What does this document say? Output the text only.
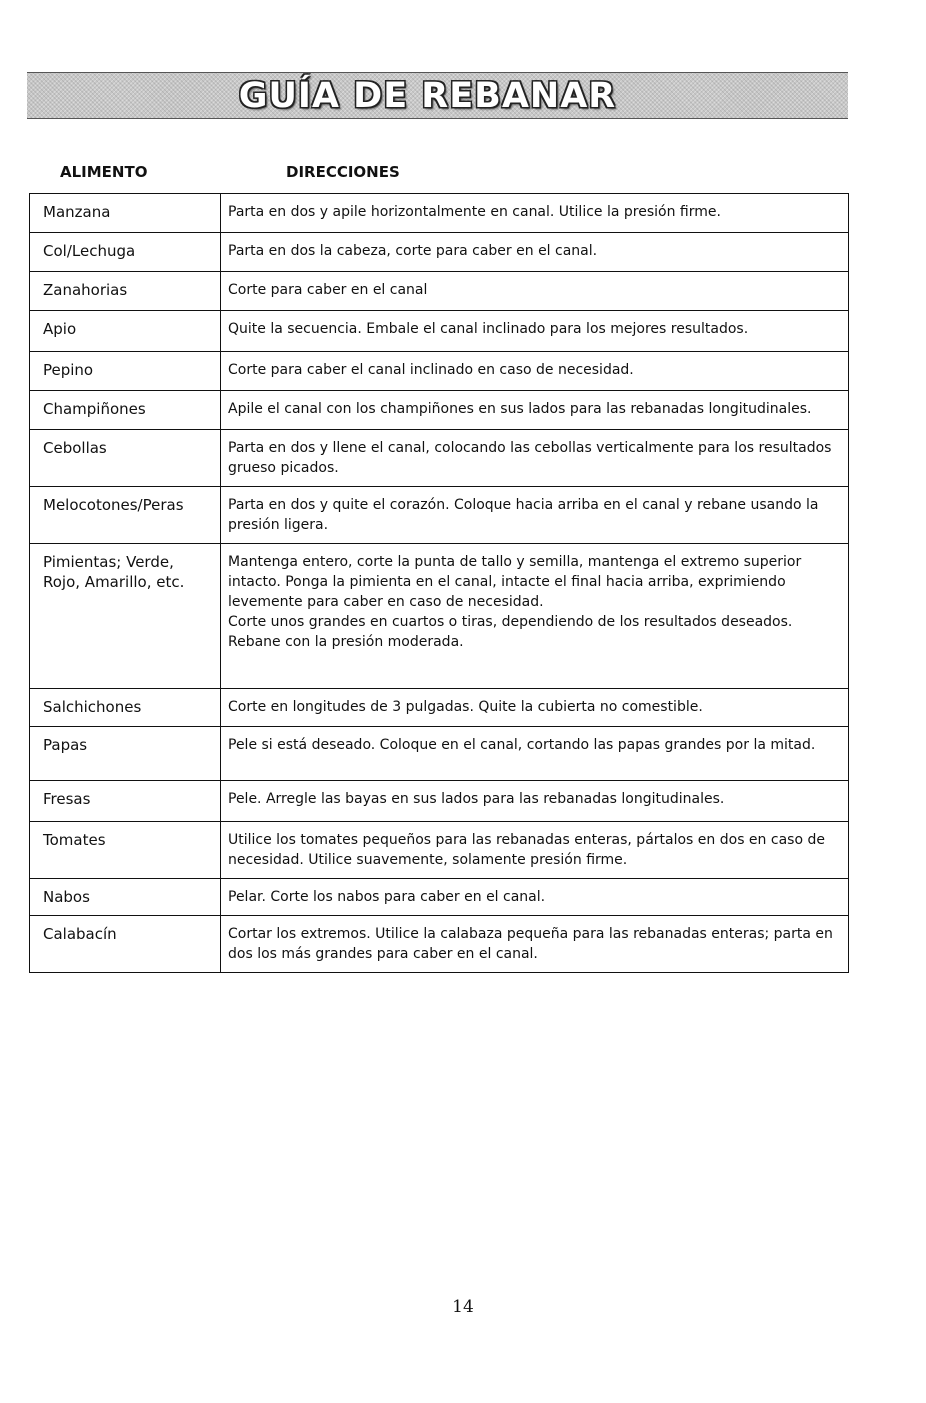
GUÍA DE REBANAR
ALIMENTO	DIRECCIONES
Manzana	Parta en dos y apile horizontalmente en canal. Utilice la presión firme.
Col/Lechuga	Parta en dos la cabeza, corte para caber en el canal.
Zanahorias	Corte para caber en el canal
Apio	Quite la secuencia. Embale el canal inclinado para los mejores resultados.
Pepino	Corte para caber el canal inclinado en caso de necesidad.
Champiñones	Apile el canal con los champiñones en sus lados para las rebanadas longitudinales.
Cebollas	Parta en dos y llene el canal, colocando las cebollas verticalmente para los resultados grueso picados.
Melocotones/Peras	Parta en dos y quite el corazón. Coloque hacia arriba en el canal y rebane usando la presión ligera.
Pimientas; Verde, Rojo, Amarillo, etc.	Mantenga entero, corte la punta de tallo y semilla, mantenga el extremo superior intacto. Ponga la pimienta en el canal, intacte el final hacia arriba, exprimiendo levemente para caber en caso de necesidad.
Corte unos grandes en cuartos o tiras, dependiendo de los resultados deseados.
Rebane con la presión moderada.
Salchichones	Corte en longitudes de 3 pulgadas. Quite la cubierta no comestible.
Papas	Pele si está deseado. Coloque en el canal, cortando las papas grandes por la mitad.
Fresas	Pele. Arregle las bayas en sus lados para las rebanadas longitudinales.
Tomates	Utilice los tomates pequeños para las rebanadas enteras, pártalos en dos en caso de necesidad. Utilice suavemente, solamente presión firme.
Nabos	Pelar. Corte los nabos para caber en el canal.
Calabacín	Cortar los extremos. Utilice la calabaza pequeña para las rebanadas enteras; parta en dos los más grandes para caber en el canal.
14
